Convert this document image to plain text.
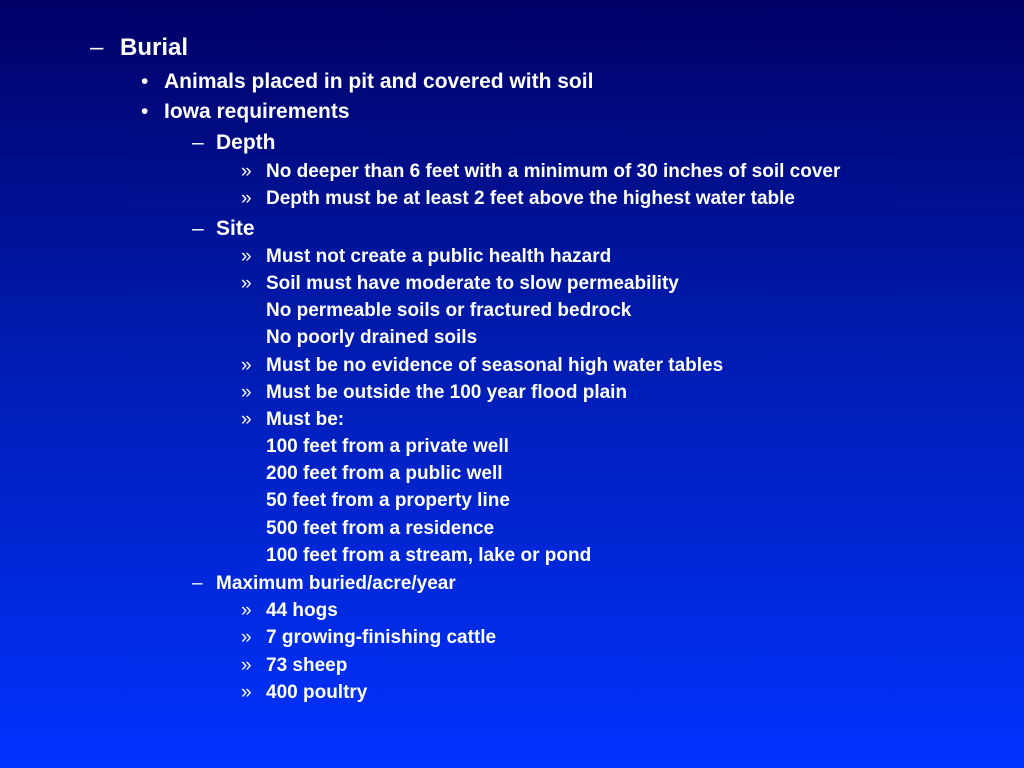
– Burial
• Animals placed in pit and covered with soil
• Iowa requirements
– Depth
» No deeper than 6 feet with a minimum of 30 inches of soil cover
» Depth must be at least 2 feet above the highest water table
– Site
» Must not create a public health hazard
» Soil must have moderate to slow permeability
No permeable soils or fractured bedrock
No poorly drained soils
» Must be no evidence of seasonal high water tables
» Must be outside the 100 year flood plain
» Must be:
100 feet from a private well
200 feet from a public well
50 feet from a property line
500 feet from a residence
100 feet from a stream, lake or pond
– Maximum buried/acre/year
» 44 hogs
» 7 growing-finishing cattle
» 73 sheep
» 400 poultry
